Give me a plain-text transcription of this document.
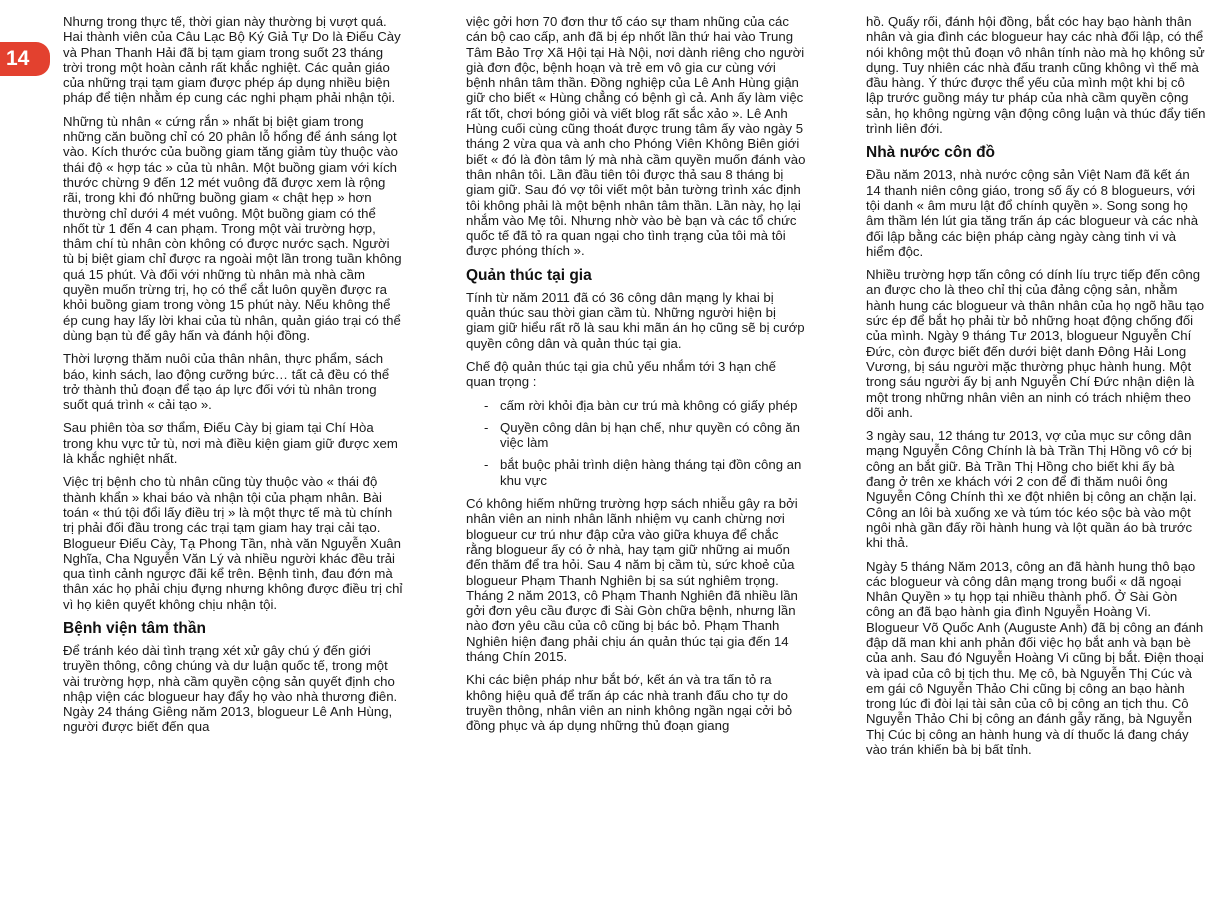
14

Nhưng trong thực tế, thời gian này thường bị vượt quá. Hai thành viên của Câu Lạc Bộ Ký Giả Tự Do là Điếu Cày và Phan Thanh Hải đã bị tạm giam trong suốt 23 tháng trời trong một hoàn cảnh rất khắc nghiệt. Các quản giáo của những trại tạm giam được phép áp dụng nhiều biện pháp để tiện nhằm ép cung các nghi phạm phải nhận tội.

Những tù nhân « cứng rắn » nhất bị biệt giam trong những căn buồng chỉ có 20 phân lỗ hổng để ánh sáng lọt vào. Kích thước của buồng giam tăng giảm tùy thuộc vào thái độ « hợp tác » của tù nhân. Một buồng giam với kích thước chừng 9 đến 12 mét vuông đã được xem là rộng rãi, trong khi đó những buồng giam « chật hẹp » hơn thường chỉ dưới 4 mét vuông. Một buồng giam có thể nhốt từ 1 đến 4 can phạm. Trong một vài trường hợp, thâm chí tù nhân còn không có được nước sạch. Người tù bị biệt giam chỉ được ra ngoài một lần trong tuần không quá 15 phút. Và đối với những tù nhân mà nhà cầm quyền muốn trừng trị, họ có thể cắt luôn quyền được ra khỏi buồng giam trong vòng 15 phút này. Nếu không thể ép cung hay lấy lời khai của tù nhân, quản giáo trại có thể dùng bạn tù để gây hấn và đánh hội đồng.

Thời lượng thăm nuôi của thân nhân, thực phẩm, sách báo, kinh sách, lao động cưỡng bức… tất cả đều có thể trở thành thủ đoạn để tạo áp lực đối với tù nhân trong suốt quá trình « cải tạo ».

Sau phiên tòa sơ thẩm, Điếu Cày bị giam tại Chí Hòa trong khu vực tử tù, nơi mà điều kiện giam giữ được xem là khắc nghiệt nhất.

Việc trị bệnh cho tù nhân cũng tùy thuộc vào « thái độ thành khẩn » khai báo và nhận tội của phạm nhân. Bài toán « thú tội đổi lấy điều trị » là một thực tế mà tù chính trị phải đối đầu trong các trại tạm giam hay trại cải tạo. Blogueur Điếu Cày, Tạ Phong Tần, nhà văn Nguyễn Xuân Nghĩa, Cha Nguyễn Văn Lý và nhiều người khác đều trải qua tình cảnh ngược đãi kể trên. Bệnh tình, đau đớn mà thân xác họ phải chịu đựng nhưng không được điều trị chỉ vì họ kiên quyết không chịu nhận tội.

Bệnh viện tâm thần

Để tránh kéo dài tình trạng xét xử gây chú ý đến giới truyền thông, công chúng và dư luận quốc tế, trong một vài trường hợp, nhà cầm quyền cộng sản quyết định cho nhập viện các blogueur hay đẩy họ vào nhà thương điên. Ngày 24 tháng Giêng năm 2013, blogueur Lê Anh Hùng, người được biết đến qua

việc gởi hơn 70 đơn thư tố cáo sự tham nhũng của các cán bộ cao cấp, anh đã bị ép nhốt lần thứ hai vào Trung Tâm Bảo Trợ Xã Hội tại Hà Nội, nơi dành riêng cho người già đơn độc, bệnh hoạn và trẻ em vô gia cư cùng với bệnh nhân tâm thần. Đồng nghiệp của Lê Anh Hùng giận giữ cho biết « Hùng chẳng có bệnh gì cả. Anh ấy làm việc rất tốt, chơi bóng giỏi và viết blog rất sắc xảo ». Lê Anh Hùng cuối cùng cũng thoát được trung tâm ấy vào ngày 5 tháng 2 vừa qua và anh cho Phóng Viên Không Biên giới biết « đó là đòn tâm lý mà nhà cầm quyền muốn đánh vào thân nhân tôi. Lần đầu tiên tôi được thả sau 8 tháng bị giam giữ. Sau đó vợ tôi viết một bản tường trình xác định tôi không phải là một bệnh nhân tâm thần. Lần này, họ lại nhắm vào Mẹ tôi. Nhưng nhờ vào bè bạn và các tổ chức quốc tế đã tỏ ra quan ngại cho tình trạng của tôi mà tôi được phóng thích ».

Quản thúc tại gia

Tính từ năm 2011 đã có 36 công dân mạng ly khai bị quản thúc sau thời gian cầm tù. Những người hiện bị giam giữ hiểu rất rõ là sau khi mãn án họ cũng sẽ bị cướp quyền công dân và quản thúc tại gia.

Chế độ quản thúc tại gia chủ yếu nhắm tới 3 hạn chế quan trọng :

- cấm rời khỏi địa bàn cư trú mà không có giấy phép
- Quyền công dân bị hạn chế, như quyền có công ăn việc làm
- bắt buộc phải trình diện hàng tháng tại đồn công an khu vực

Có không hiếm những trường hợp sách nhiễu gây ra bởi nhân viên an ninh nhân lãnh nhiệm vụ canh chừng nơi blogueur cư trú như đập cửa vào giữa khuya để chắc rằng blogueur ấy có ở nhà, hay tạm giữ những ai muốn đến thăm để tra hỏi. Sau 4 năm bị cầm tù, sức khoẻ của blogueur Phạm Thanh Nghiên bị sa sút nghiêm trọng. Tháng 2 năm 2013, cô Phạm Thanh Nghiên đã nhiều lần gởi đơn yêu cầu được đi Sài Gòn chữa bệnh, nhưng lần nào đơn yêu cầu của cô cũng bị bác bỏ. Phạm Thanh Nghiên hiện đang phải chịu án quản thúc tại gia đến 14 tháng Chín 2015.

Khi các biện pháp như bắt bớ, kết án và tra tấn tỏ ra không hiệu quả để trấn áp các nhà tranh đấu cho tự do truyền thông, nhân viên an ninh không ngần ngại cởi bỏ đồng phục và áp dụng những thủ đoạn giang

hồ. Quấy rối, đánh hội đồng, bắt cóc hay bạo hành thân nhân và gia đình các blogueur hay các nhà đối lập, có thể nói không một thủ đoạn vô nhân tính nào mà họ không sử dụng. Tuy nhiên các nhà đấu tranh cũng không vì thế mà đầu hàng. Ý thức được thể yếu của mình một khi bị cô lập trước guồng máy tư pháp của nhà cầm quyền cộng sản, họ không ngừng vận động công luận và thúc đẩy tiến trình liên đới.

Nhà nước côn đồ

Đầu năm 2013, nhà nước cộng sản Việt Nam đã kết án 14 thanh niên công giáo, trong số ấy có 8 blogueurs, với tội danh « âm mưu lật đổ chính quyền ». Song song họ âm thầm lén lút gia tăng trấn áp các blogueur và các nhà đối lập bằng các biện pháp càng ngày càng tinh vi và hiểm độc.

Nhiều trường hợp tấn công có dính líu trực tiếp đến công an được cho là theo chỉ thị của đảng cộng sản, nhằm hành hung các blogueur và thân nhân của họ ngõ hầu tạo sức ép để bắt họ phải từ bỏ những hoạt động chống đối của mình. Ngày 9 tháng Tư 2013, blogueur Nguyễn Chí Đức, còn được biết đến dưới biệt danh Đông Hải Long Vương, bị sáu người mặc thường phục hành hung. Một trong sáu người ấy bị anh Nguyễn Chí Đức nhận diện là một trong những nhân viên an ninh có trách nhiệm theo dõi anh.

3 ngày sau, 12 tháng tư 2013, vợ của mục sư công dân mạng Nguyễn Công Chính là bà Trần Thị Hồng vô cớ bị công an bắt giữ. Bà Trần Thị Hồng cho biết khi ấy bà đang ở trên xe khách với 2 con để đi thăm nuôi ông Nguyễn Công Chính thì xe đột nhiên bị công an chặn lại. Công an lôi bà xuống xe và túm tóc kéo sộc bà vào một ngôi nhà gần đấy rồi hành hung và lột quần áo bà trước khi thả.

Ngày 5 tháng Năm 2013, công an đã hành hung thô bạo các blogueur và công dân mạng trong buổi « dã ngoại Nhân Quyền » tụ họp tại nhiều thành phố. Ở Sài Gòn công an đã bạo hành gia đình Nguyễn Hoàng Vi. Blogueur Võ Quốc Anh (Auguste Anh) đã bị công an đánh đập dã man khi anh phản đối việc họ bắt anh và bạn bè của anh. Sau đó Nguyễn Hoàng Vi cũng bị bắt. Điện thoại và ipad của cô bị tịch thu. Mẹ cô, bà Nguyễn Thị Cúc và em gái cô Nguyễn Thảo Chi cũng bị công an bạo hành trong lúc đi đòi lại tài sản của cô bị công an tịch thu. Cô Nguyễn Thảo Chi bị công an đánh gẫy răng, bà Nguyễn Thị Cúc bị công an hành hung và dí thuốc lá đang cháy vào trán khiến bà bị bất tỉnh.
